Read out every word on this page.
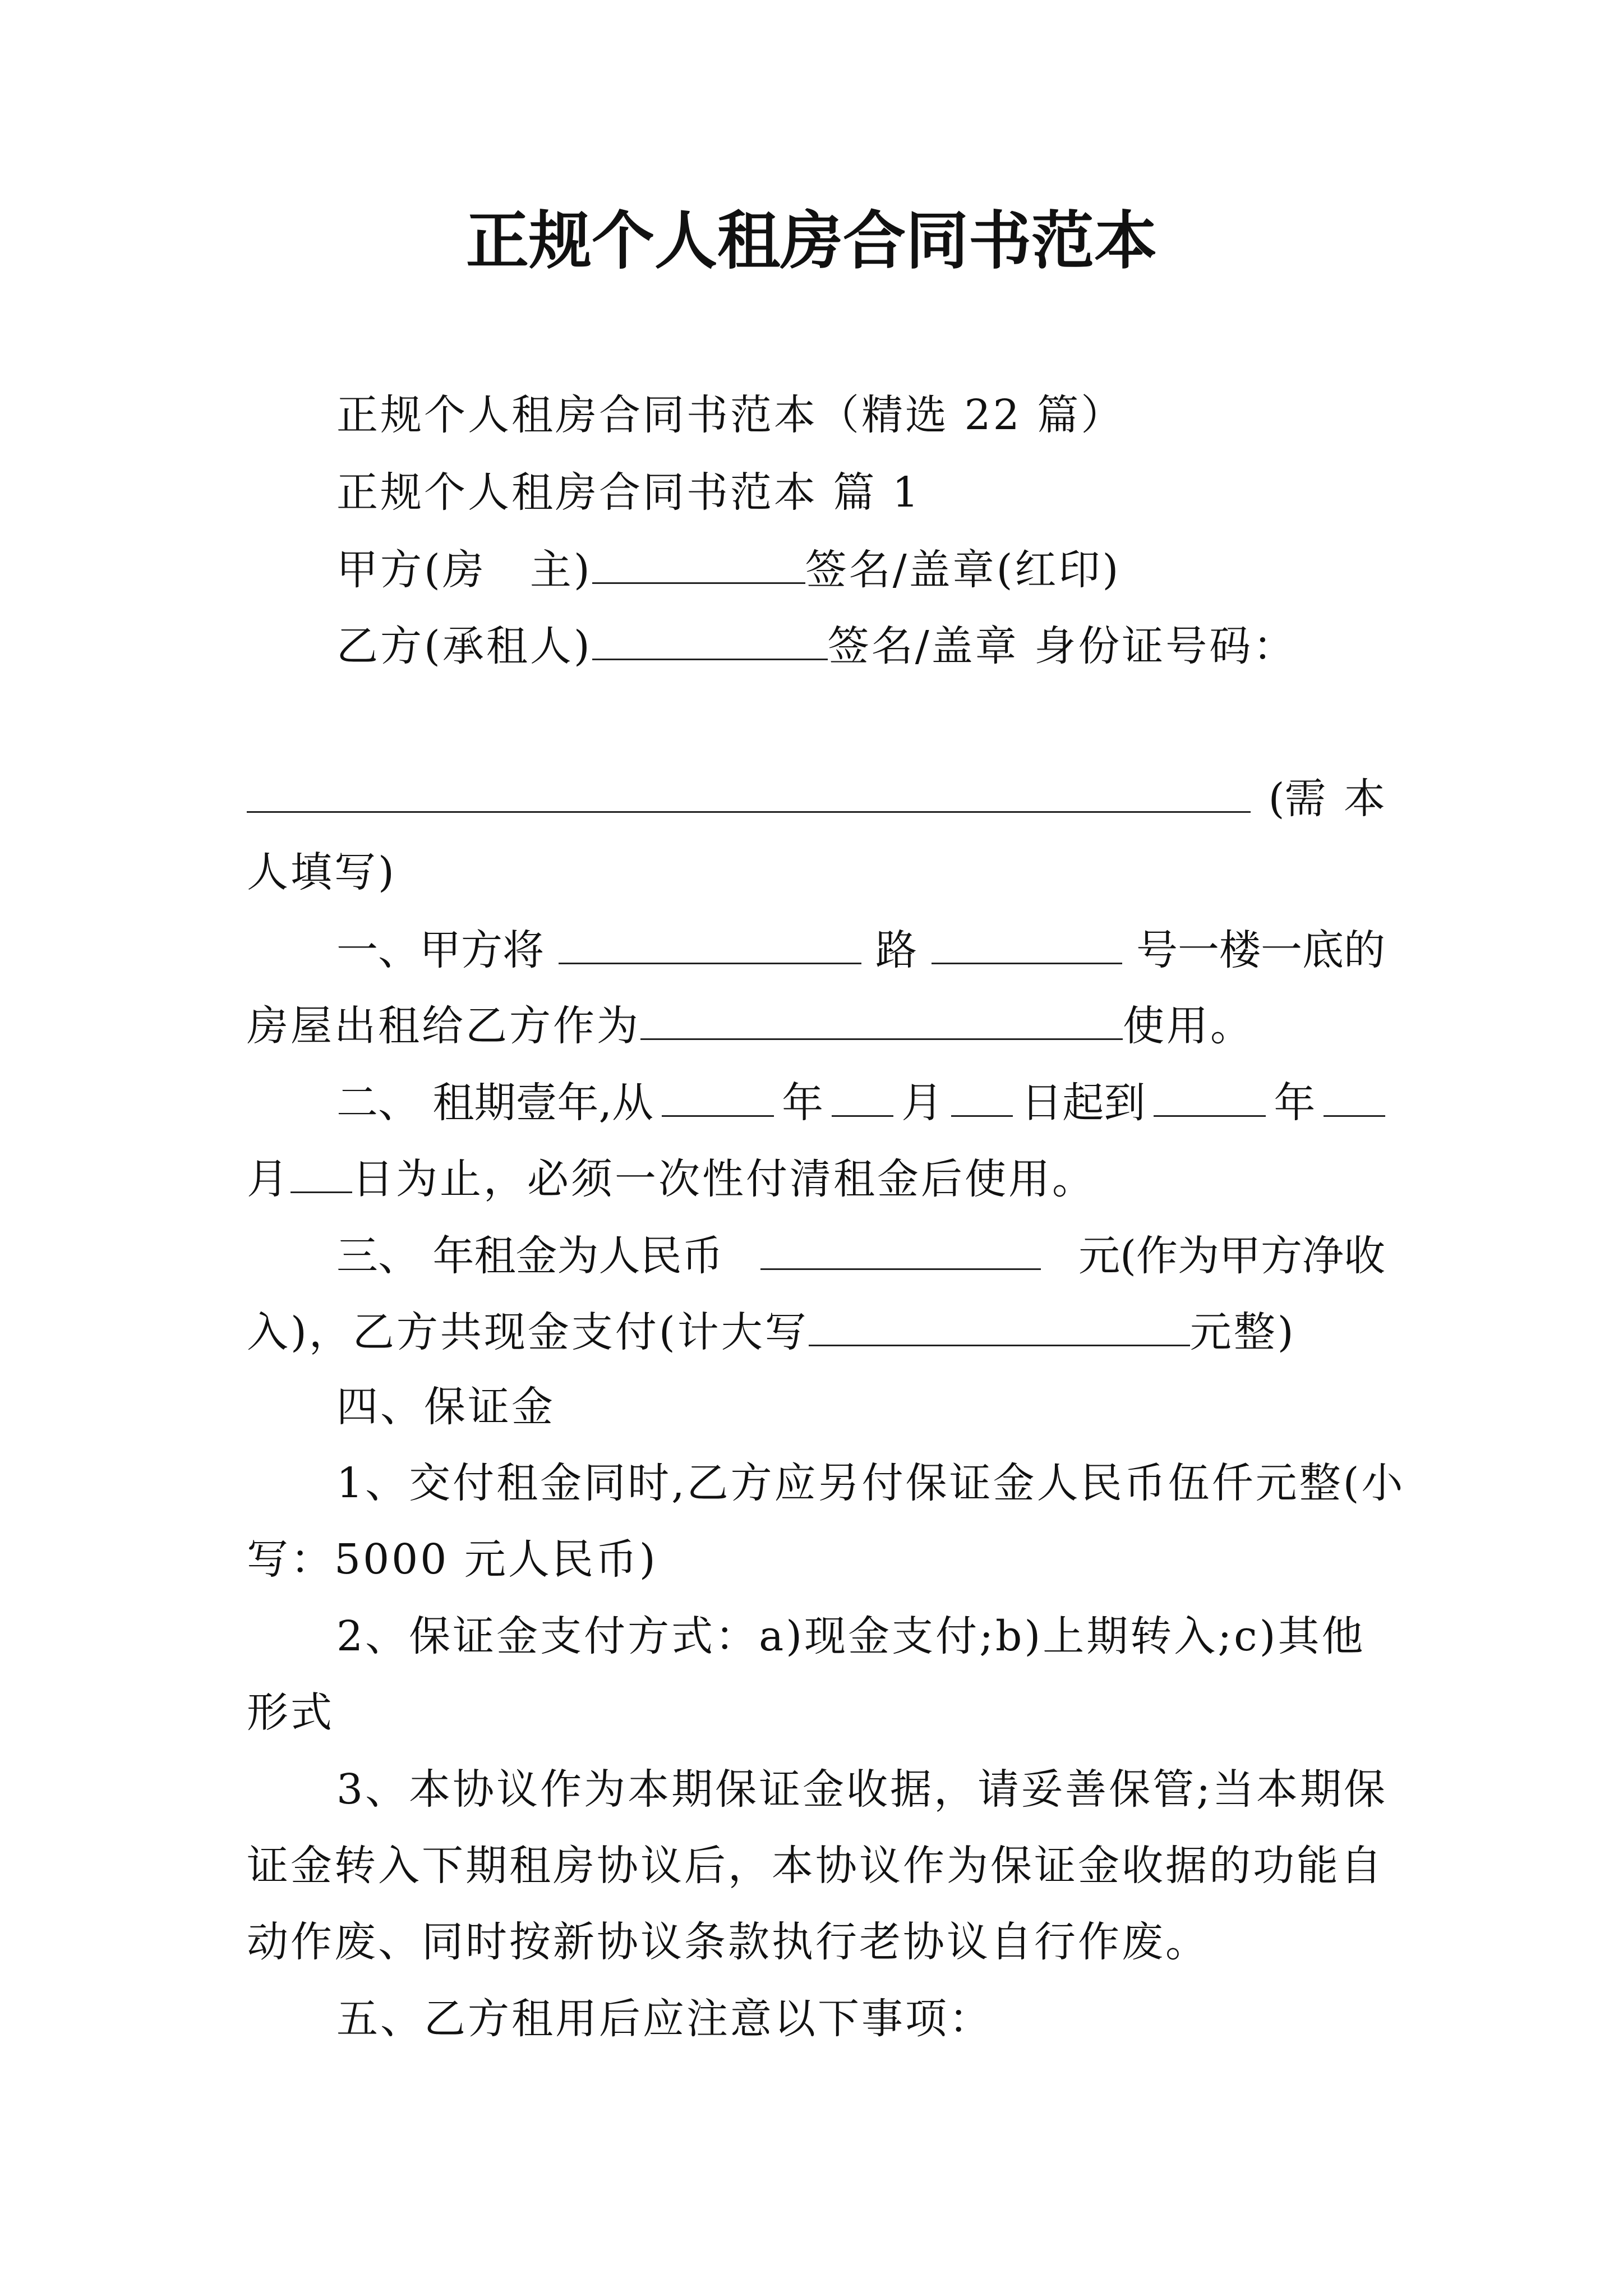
正规个人租房合同书范本
正规个人租房合同书范本（精选 22 篇）
正规个人租房合同书范本 篇 1
甲方(房　主)	签名/盖章(红印)
乙方(承租人)	签名/盖章 身份证号码：
(需 本
人填写)
一、甲方将	路	号一楼一底的
房屋出租给乙方作为	使用。
二、 租期壹年,从	年 月 日起到	年
月 日为止，必须一次性付清租金后使用。
三、 年租金为人民币	元(作为甲方净收
入)，乙方共现金支付(计大写	元整)
四、保证金
1、交付租金同时,乙方应另付保证金人民币伍仟元整(小
写：5000 元人民币)
2、保证金支付方式：a)现金支付;b)上期转入;c)其他
形式
3、本协议作为本期保证金收据，请妥善保管;当本期保
证金转入下期租房协议后，本协议作为保证金收据的功能自
动作废、同时按新协议条款执行老协议自行作废。
五、乙方租用后应注意以下事项：
